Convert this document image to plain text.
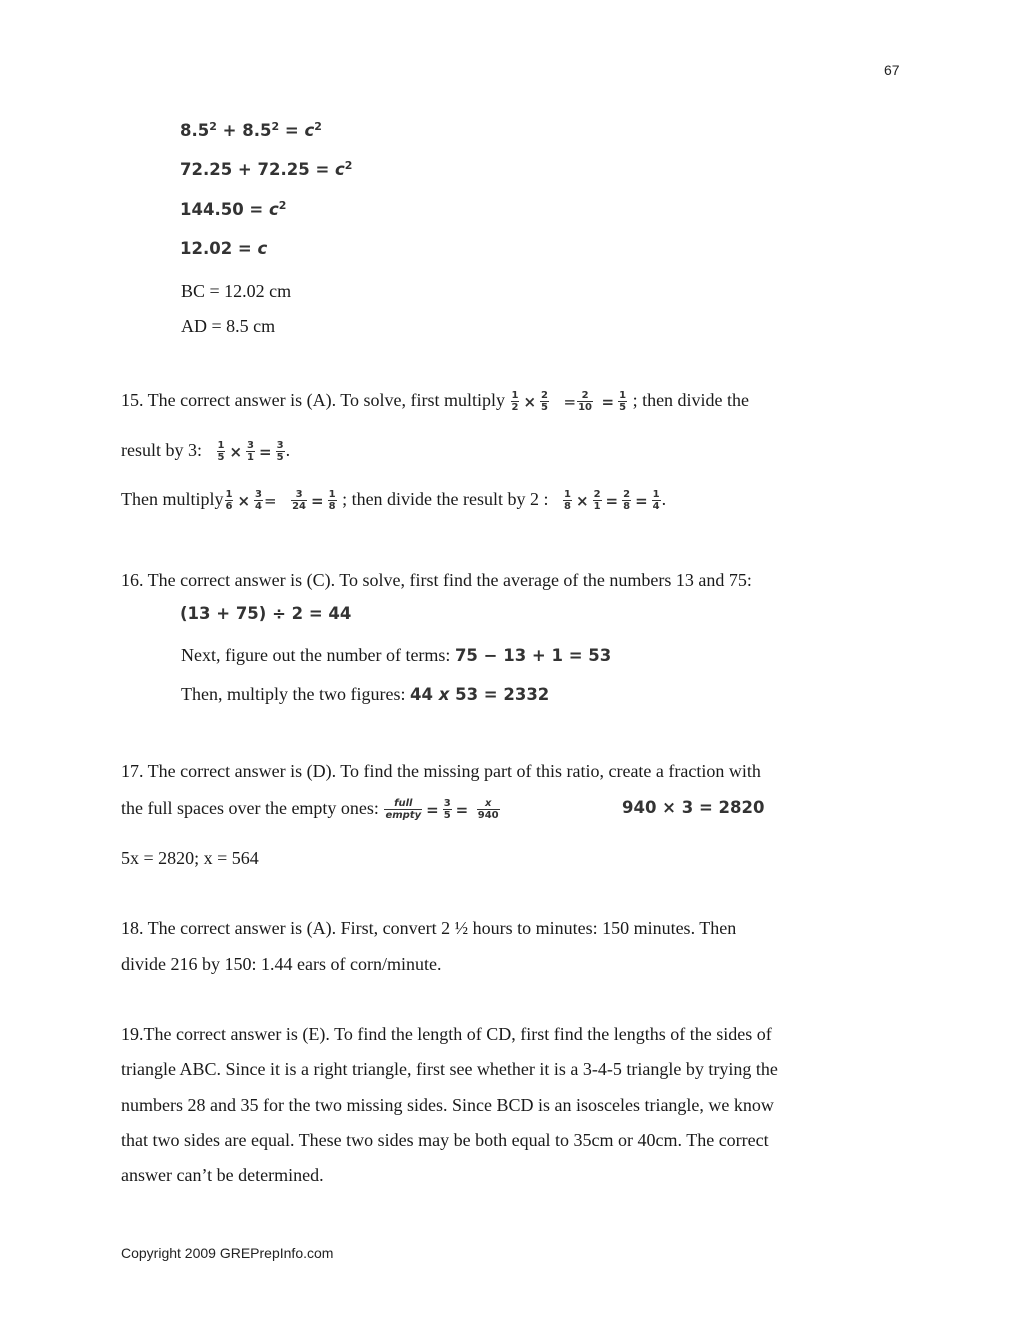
67
$8.5^2 + 8.5^2 = c^2$
$72.25 + 72.25 = c^2$
$144.50 = c^2$
12.02 = c
BC = 12.02 cm
AD = 8.5 cm
15. The correct answer is (A). To solve, first multiply $\frac{1}{2} \times \frac{2}{5} = \frac{2}{10} = \frac{1}{5}$ ; then divide the
result by 3: $\frac{1}{5} \times \frac{3}{1} = \frac{3}{5}$ .
Then multiply $\frac{1}{6} \times \frac{3}{4} = \frac{3}{24} = \frac{1}{8}$ ; then divide the result by 2 : $\frac{1}{8} \times \frac{2}{1} = \frac{2}{8} = \frac{1}{4}$ .
16. The correct answer is (C). To solve, first find the average of the numbers 13 and 75:
(13 + 75) ÷ 2 = 44
Next, figure out the number of terms: 75 − 13 + 1 = 53
Then, multiply the two figures: 44 x 53 = 2332
17. The correct answer is (D). To find the missing part of this ratio, create a fraction with
the full spaces over the empty ones: $\frac{\text{full}}{\text{empty}} = \frac{3}{5} = \frac{x}{940}$	940 × 3 = 2820
5x = 2820; x = 564
18. The correct answer is (A). First, convert 2 ½ hours to minutes: 150 minutes. Then
divide 216 by 150: 1.44 ears of corn/minute.
19.The correct answer is (E). To find the length of CD, first find the lengths of the sides of
triangle ABC. Since it is a right triangle, first see whether it is a 3-4-5 triangle by trying the
numbers 28 and 35 for the two missing sides. Since BCD is an isosceles triangle, we know
that two sides are equal. These two sides may be both equal to 35cm or 40cm. The correct
answer can’t be determined.
Copyright 2009 GREPrepInfo.com
